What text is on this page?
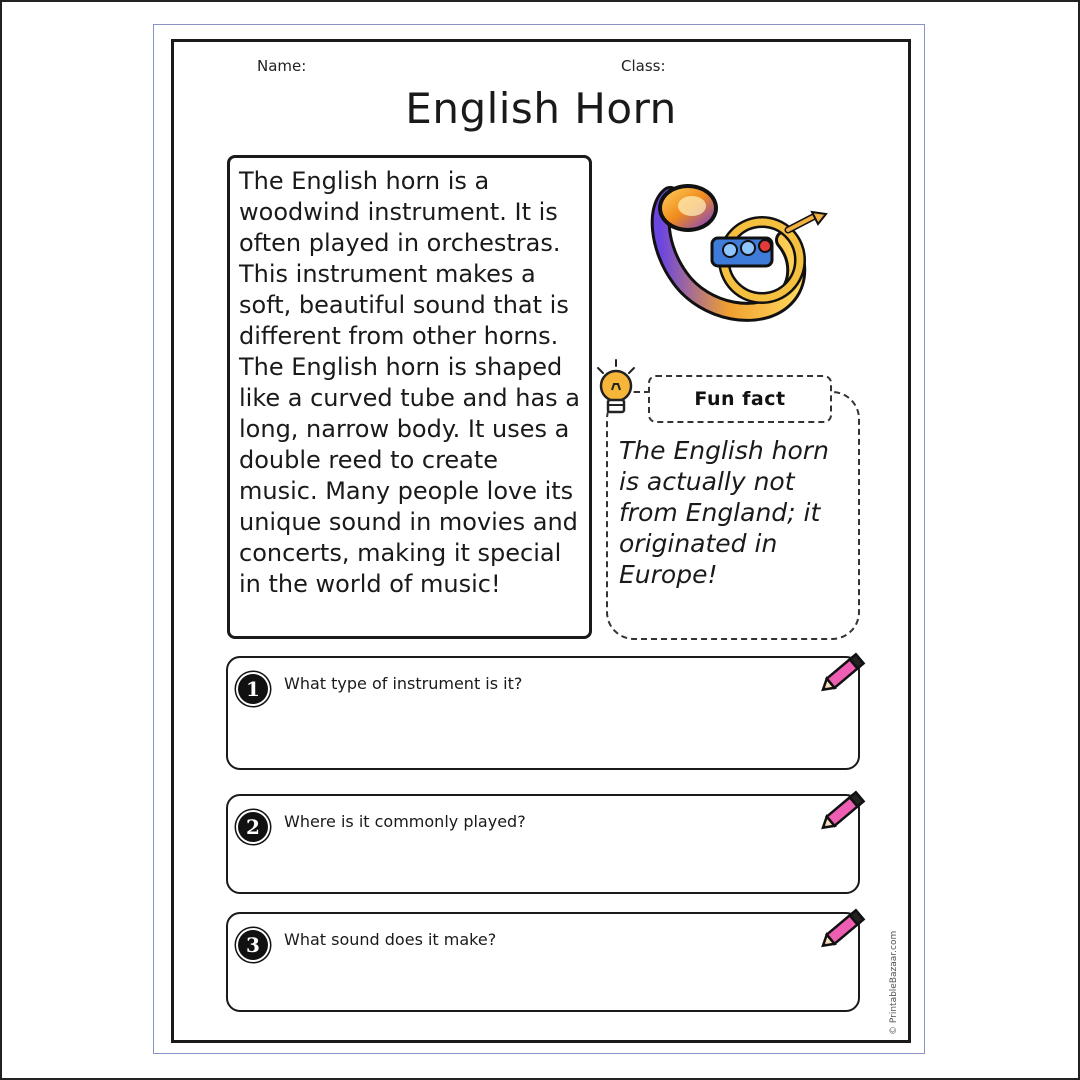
Name:	Class:
English Horn

The English horn is a woodwind instrument. It is often played in orchestras. This instrument makes a soft, beautiful sound that is different from other horns. The English horn is shaped like a curved tube and has a long, narrow body. It uses a double reed to create music. Many people love its unique sound in movies and concerts, making it special in the world of music!

Fun fact
The English horn is actually not from England; it originated in Europe!
1	What type of instrument is it?
2	Where is it commonly played?
3	What sound does it make?	© PrintableBazaar.com
